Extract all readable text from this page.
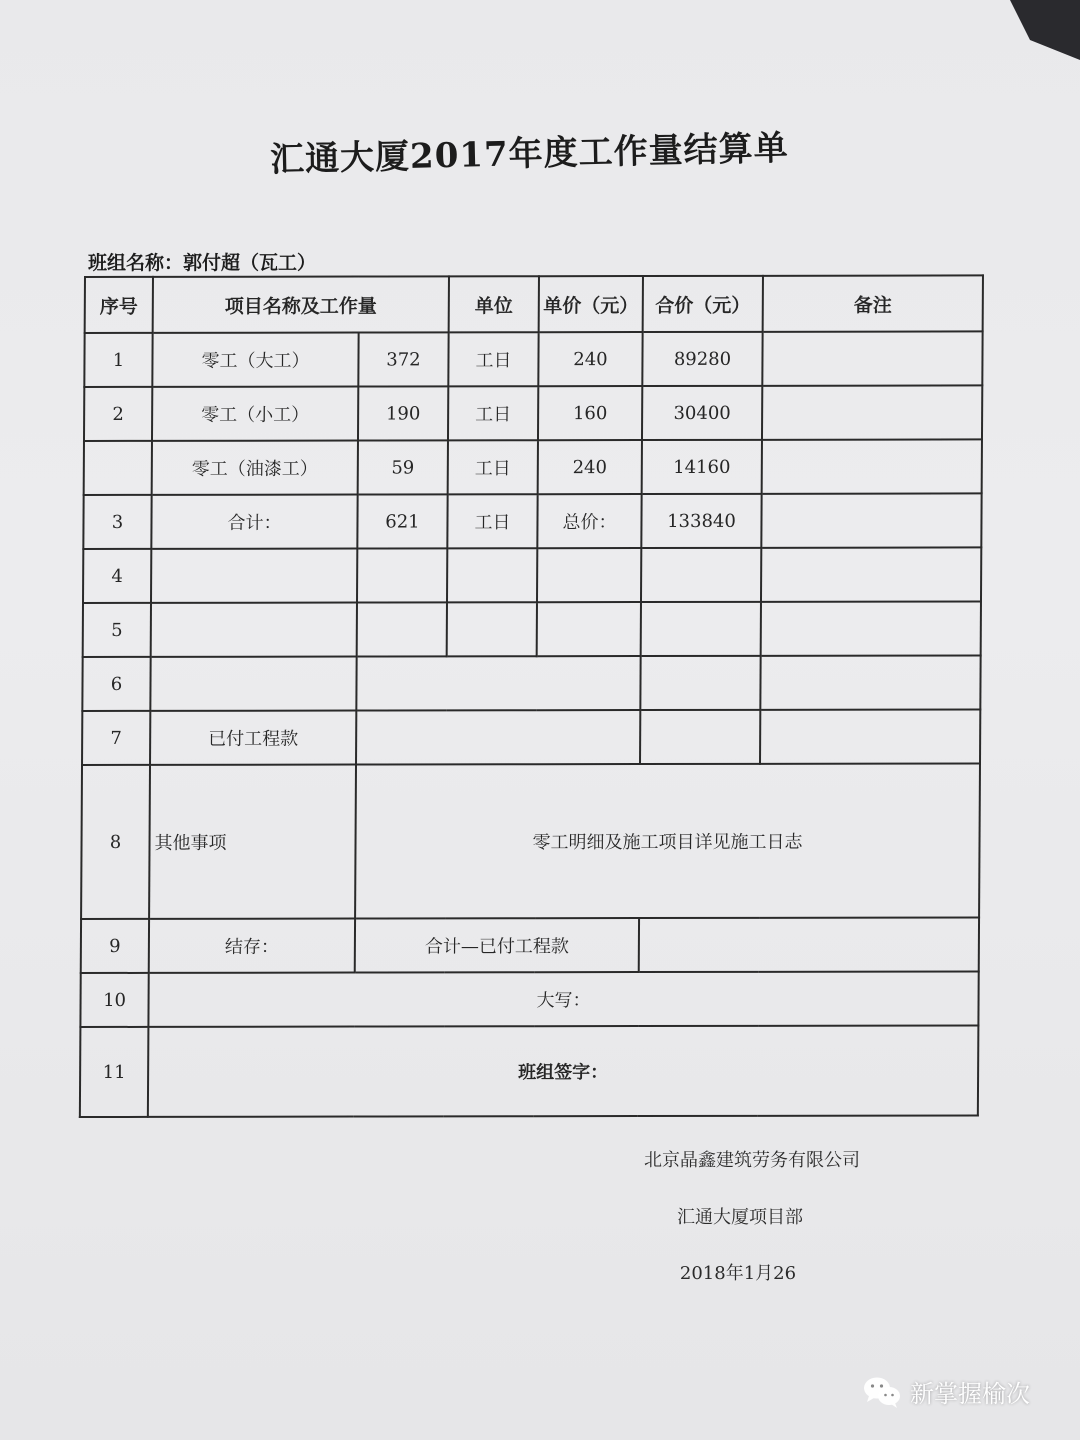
汇通大厦2017年度工作量结算单
班组名称：郭付超（瓦工）
序号	项目名称及工作量		单位	单价（元）	合价（元）	备注
1	零工（大工）	372	工日	240	89280	
2	零工（小工）	190	工日	160	30400	
	零工（油漆工）	59	工日	240	14160	
3	合计：	621	工日	总价：	133840	
4						
5						
6						
7	已付工程款					
8	其他事项	零工明细及施工项目详见施工日志				
9	结存：	合计—已付工程款				
10	大写：					
11	班组签字：					
北京晶鑫建筑劳务有限公司
汇通大厦项目部
2018年1月26
新掌握榆次
